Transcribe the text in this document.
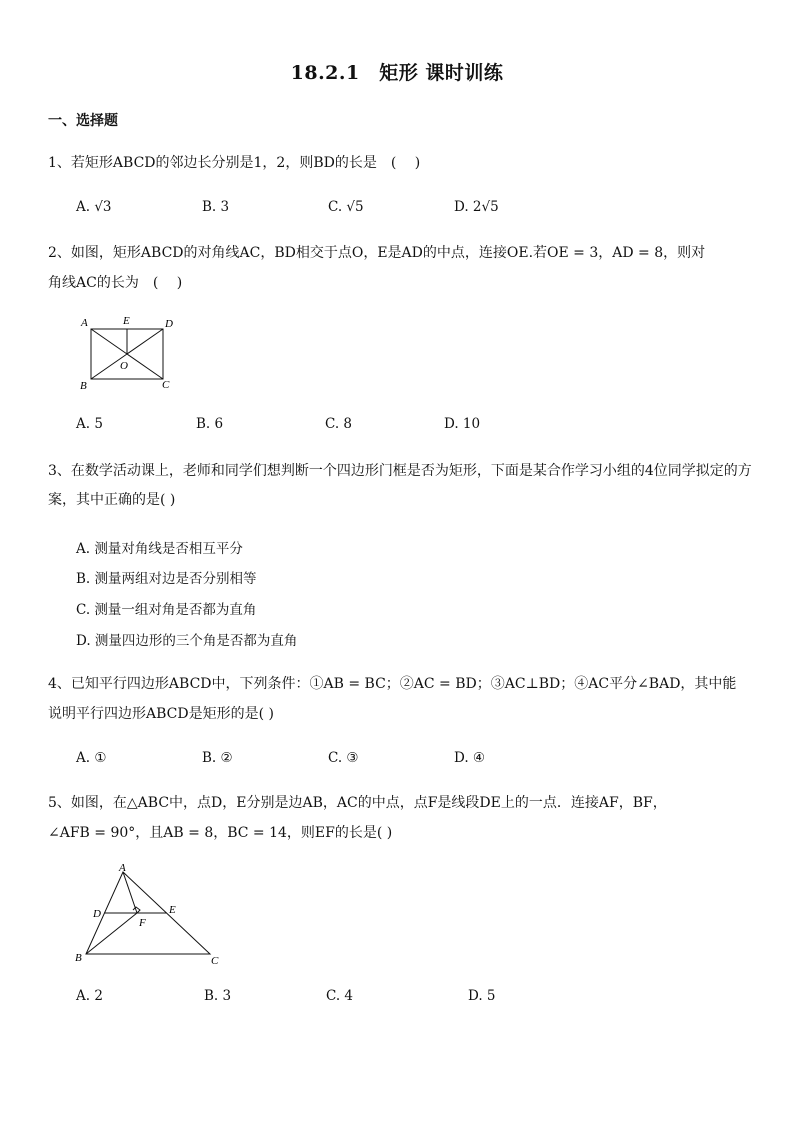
18.2.1　矩形 课时训练
一、选择题
1、若矩形ABCD的邻边长分别是1，2，则BD的长是　(　 )
A. √3	B. 3	C. √5	D. 2√5
2、如图，矩形ABCD的对角线AC，BD相交于点O，E是AD的中点，连接OE.若OE = 3，AD = 8，则对
角线AC的长为　(　 )
A	E	D
O
B	C
A. 5	B. 6	C. 8	D. 10
3、在数学活动课上，老师和同学们想判断一个四边形门框是否为矩形，下面是某合作学习小组的4位同学拟定的方
案，其中正确的是( )
A. 测量对角线是否相互平分
B. 测量两组对边是否分别相等
C. 测量一组对角是否都为直角
D. 测量四边形的三个角是否都为直角
4、已知平行四边形ABCD中，下列条件：①AB = BC；②AC = BD；③AC⊥BD；④AC平分∠BAD，其中能
说明平行四边形ABCD是矩形的是( )
A. ①	B. ②	C. ③	D. ④
5、如图，在△ABC中，点D，E分别是边AB，AC的中点，点F是线段DE上的一点．连接AF，BF，
∠AFB = 90°，且AB = 8，BC = 14，则EF的长是( )
A
D	E
F
B	C
A. 2	B. 3	C. 4	D. 5
